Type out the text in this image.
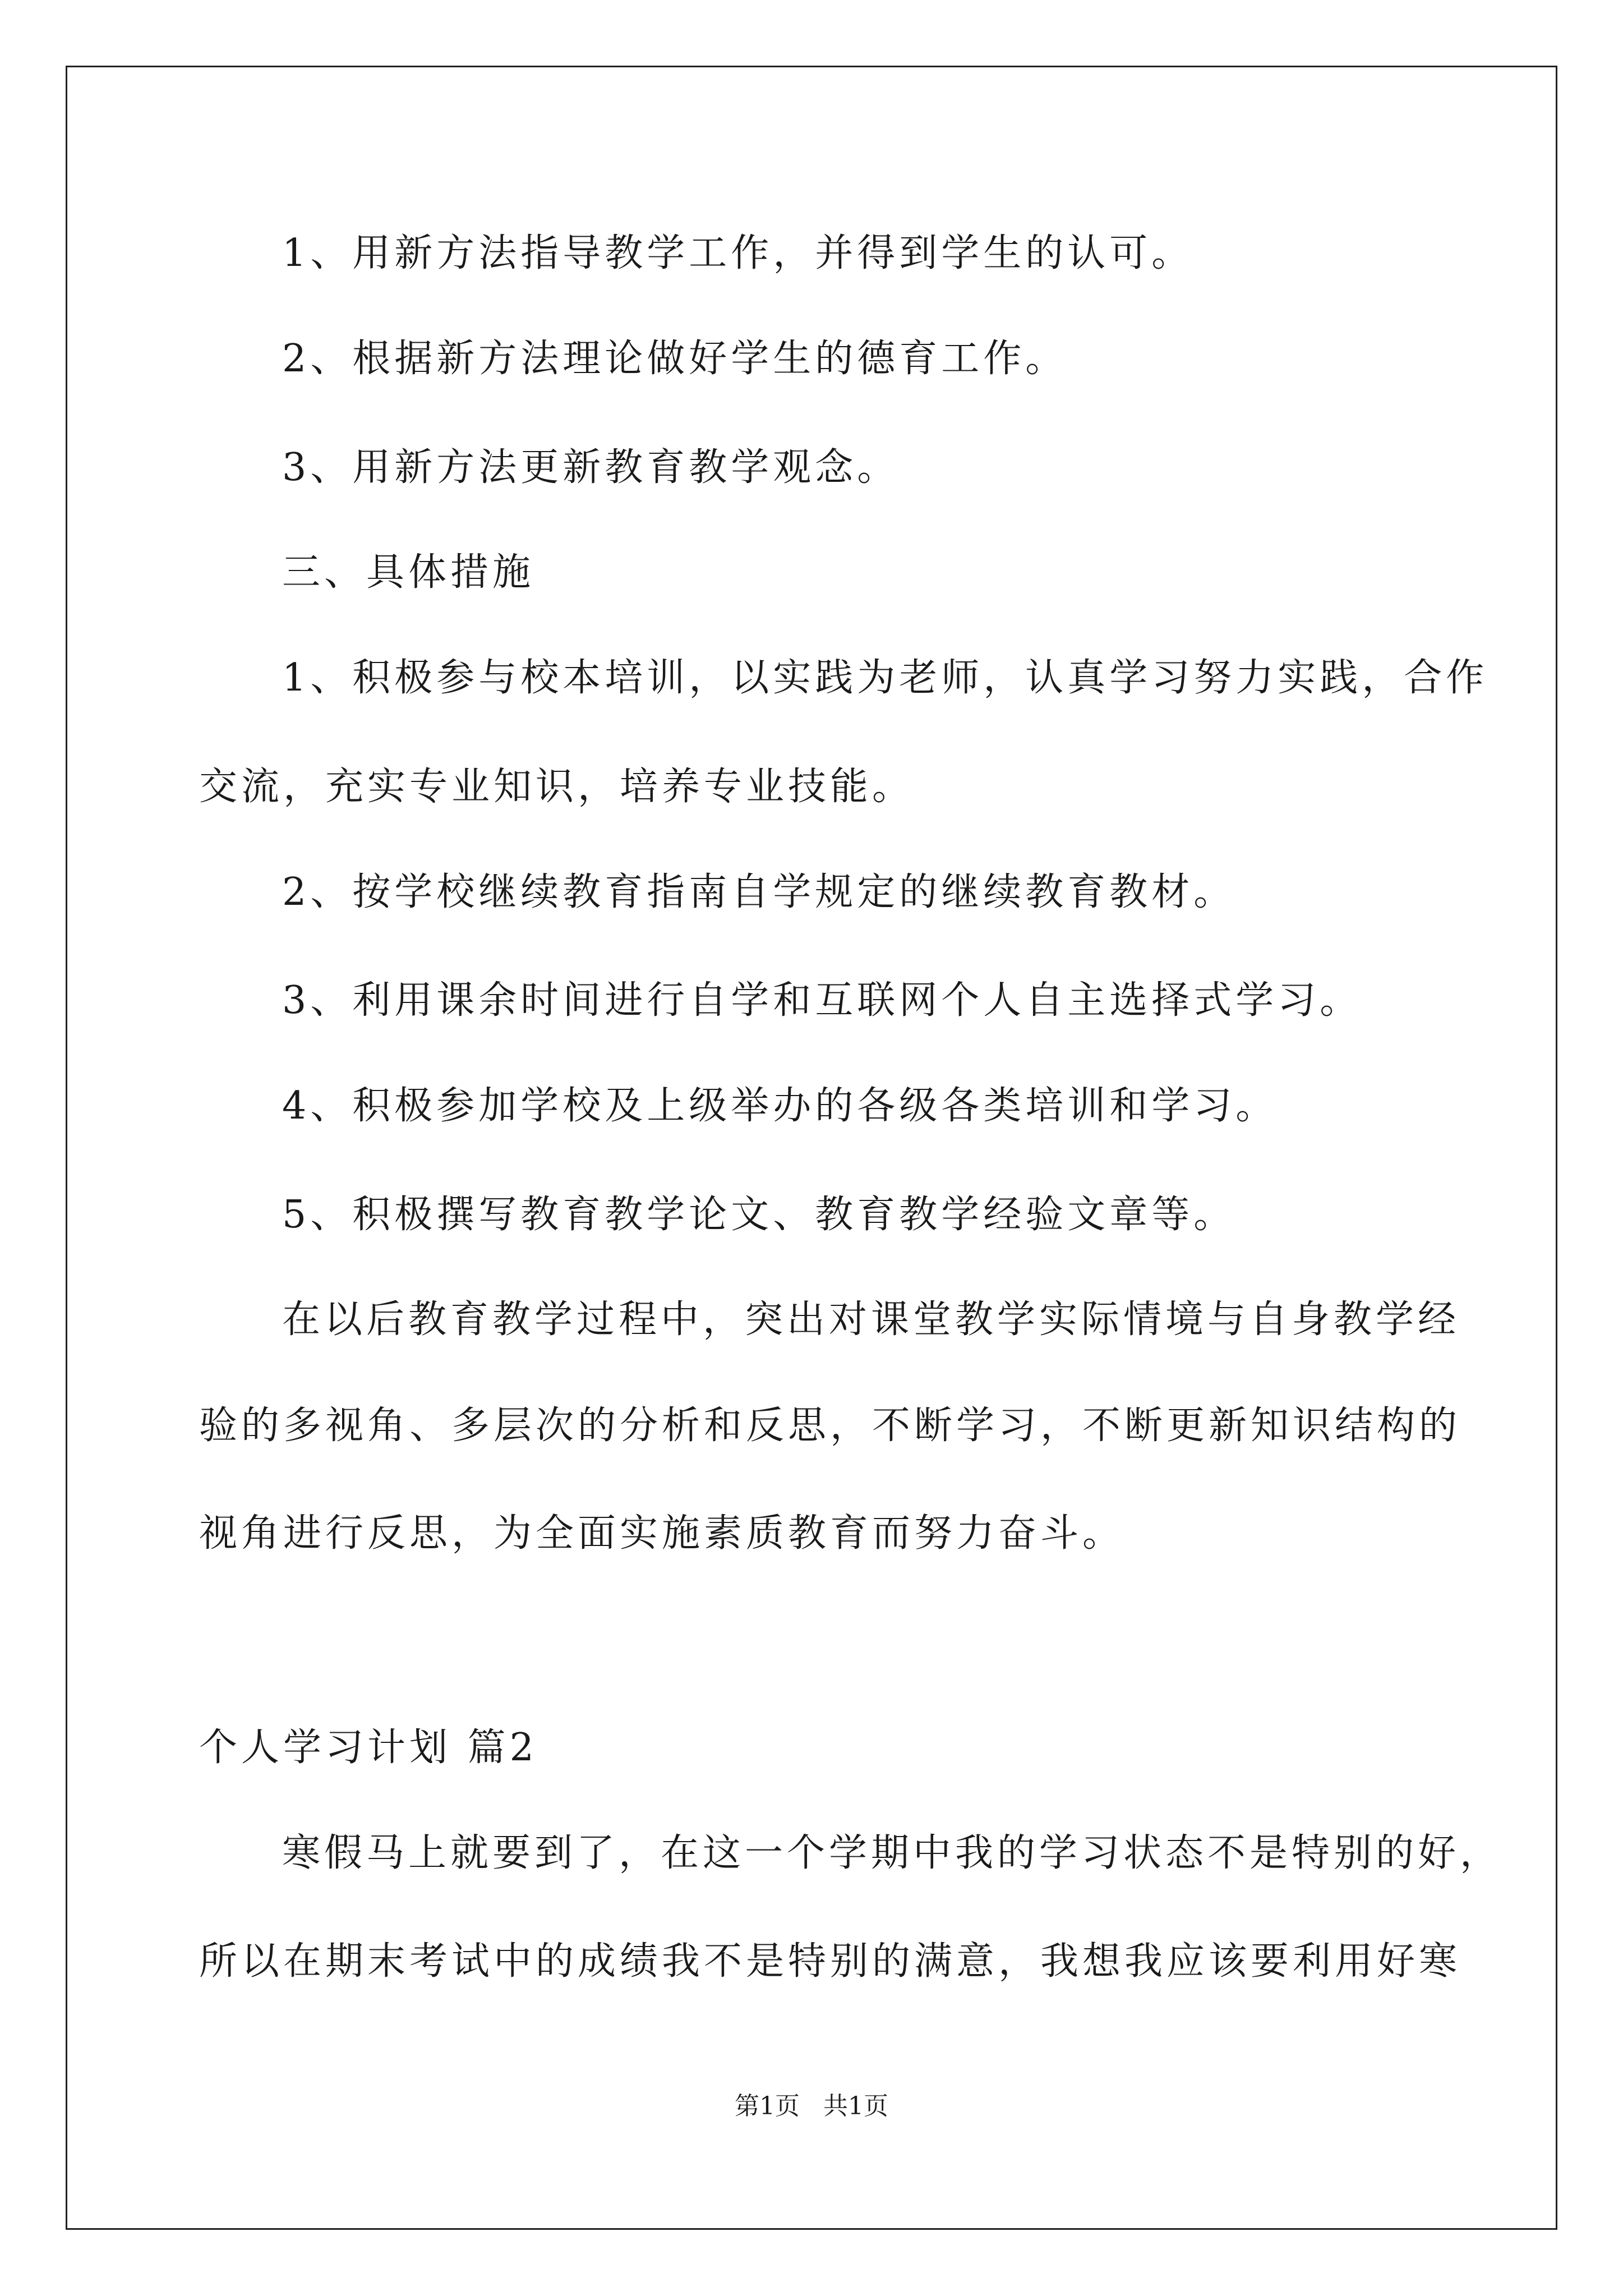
1、用新方法指导教学工作，并得到学生的认可。
2、根据新方法理论做好学生的德育工作。
3、用新方法更新教育教学观念。
三、具体措施
1、积极参与校本培训，以实践为老师，认真学习努力实践，合作
交流，充实专业知识，培养专业技能。
2、按学校继续教育指南自学规定的继续教育教材。
3、利用课余时间进行自学和互联网个人自主选择式学习。
4、积极参加学校及上级举办的各级各类培训和学习。
5、积极撰写教育教学论文、教育教学经验文章等。
在以后教育教学过程中，突出对课堂教学实际情境与自身教学经
验的多视角、多层次的分析和反思，不断学习，不断更新知识结构的
视角进行反思，为全面实施素质教育而努力奋斗。
个人学习计划 篇2
寒假马上就要到了，在这一个学期中我的学习状态不是特别的好，
所以在期末考试中的成绩我不是特别的满意，我想我应该要利用好寒
第1页   共1页
